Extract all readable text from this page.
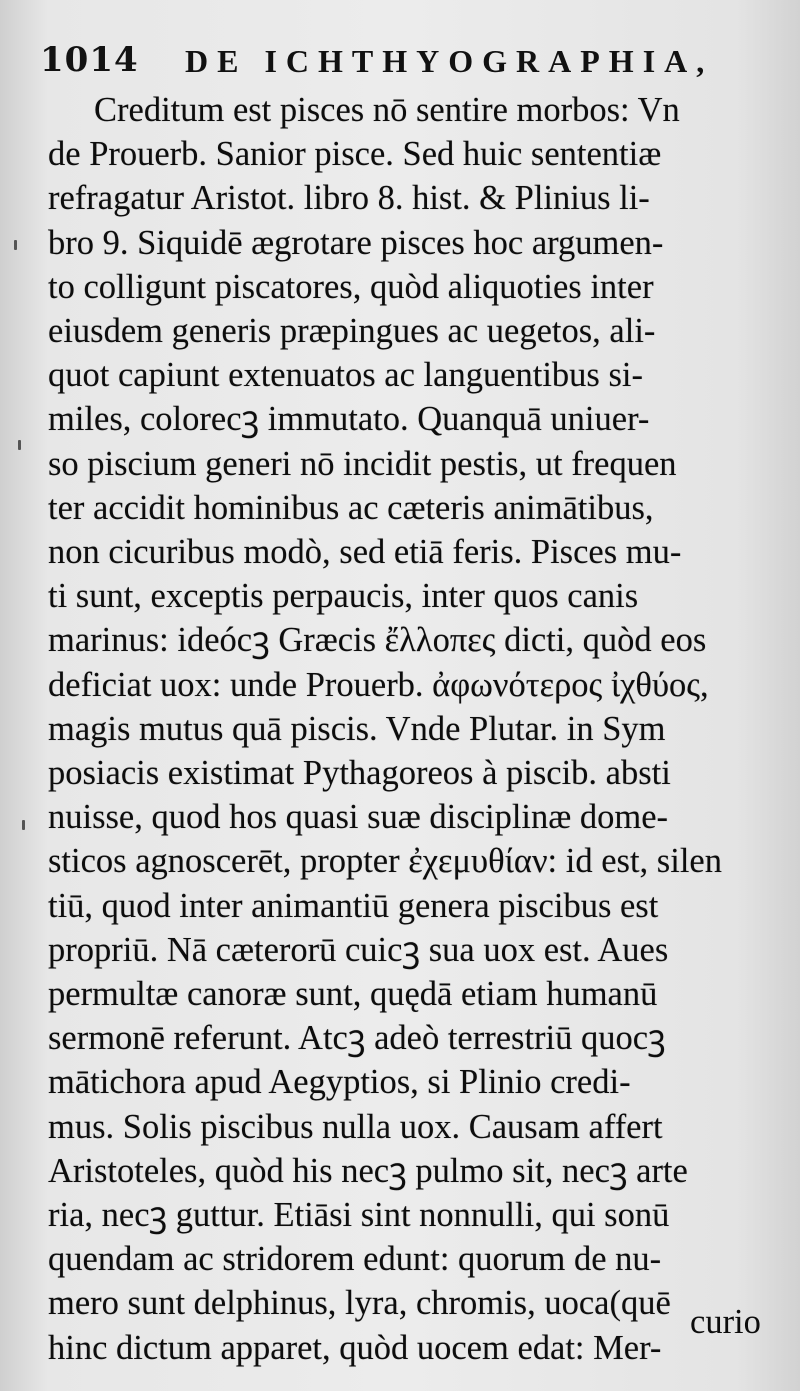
1014 DE ICHTHYOGRAPHIA,
Creditum est pisces nō sentire morbos: Vn
de Prouerb. Sanior pisce. Sed huic sententiæ
refragatur Aristot. libro 8. hist. & Plinius li-
bro 9. Siquidē ægrotare pisces hoc argumen-
to colligunt piscatores, quòd aliquoties inter
eiusdem generis præpingues ac uegetos, ali-
quot capiunt extenuatos ac languentibus si-
miles, colorecꝫ immutato. Quanquā uniuer-
so piscium generi nō incidit pestis, ut frequen
ter accidit hominibus ac cæteris animātibus,
non cicuribus modò, sed etiā feris. Pisces mu-
ti sunt, exceptis perpaucis, inter quos canis
marinus: ideócꝫ Græcis ἔλλοπες dicti, quòd eos
deficiat uox: unde Prouerb. ἀφωνότερος ἰχθύος,
magis mutus quā piscis. Vnde Plutar. in Sym
posiacis existimat Pythagoreos à piscib. absti
nuisse, quod hos quasi suæ disciplinæ dome-
sticos agnoscerēt, propter ἐχεμυθίαν: id est, silen
tiū, quod inter animantiū genera piscibus est
propriū. Nā cæterorū cuicꝫ sua uox est. Aues
permultæ canoræ sunt, quędā etiam humanū
sermonē referunt. Atcꝫ adeò terrestriū quocꝫ
mātichora apud Aegyptios, si Plinio credi-
mus. Solis piscibus nulla uox. Causam affert
Aristoteles, quòd his necꝫ pulmo sit, necꝫ arte
ria, necꝫ guttur. Etiāsi sint nonnulli, qui sonū
quendam ac stridorem edunt: quorum de nu-
mero sunt delphinus, lyra, chromis, uoca(quē
hinc dictum apparet, quòd uocem edat: Mer-
curio
